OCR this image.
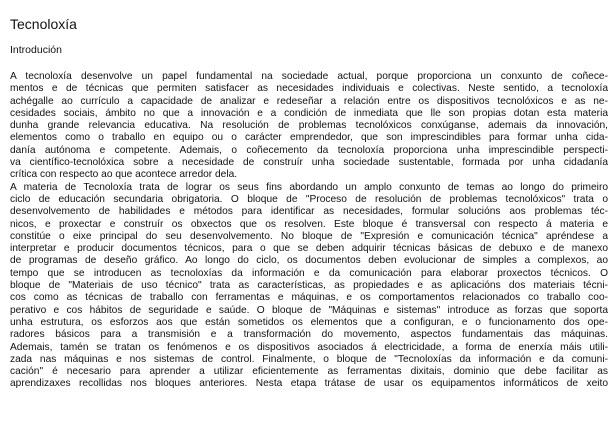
Tecnoloxía
Introdución
A tecnoloxía desenvolve un papel fundamental na sociedade actual, porque proporciona un conxunto de coñece-
mentos e de técnicas que permiten satisfacer as necesidades individuais e colectivas. Neste sentido, a tecnoloxía
achégalle ao currículo a capacidade de analizar e redeseñar a relación entre os dispositivos tecnolóxicos e as ne-
cesidades sociais, ámbito no que a innovación e a condición de inmediata que lle son propias dotan esta materia
dunha grande relevancia educativa. Na resolución de problemas tecnolóxicos conxúganse, ademais da innovación,
elementos como o traballo en equipo ou o carácter emprendedor, que son imprescindibles para formar unha cida-
danía autónoma e competente. Ademais, o coñecemento da tecnoloxía proporciona unha imprescindible perspecti-
va científico-tecnolóxica sobre a necesidade de construír unha sociedade sustentable, formada por unha cidadanía
crítica con respecto ao que acontece arredor dela.
A materia de Tecnoloxía trata de lograr os seus fins abordando un amplo conxunto de temas ao longo do primeiro
ciclo de educación secundaria obrigatoria. O bloque de "Proceso de resolución de problemas tecnolóxicos" trata o
desenvolvemento de habilidades e métodos para identificar as necesidades, formular solucións aos problemas téc-
nicos, e proxectar e construír os obxectos que os resolven. Este bloque é transversal con respecto á materia e
constitúe o eixe principal do seu desenvolvemento. No bloque de "Expresión e comunicación técnica" apréndese a
interpretar e producir documentos técnicos, para o que se deben adquirir técnicas básicas de debuxo e de manexo
de programas de deseño gráfico. Ao longo do ciclo, os documentos deben evolucionar de simples a complexos, ao
tempo que se introducen as tecnoloxías da información e da comunicación para elaborar proxectos técnicos. O
bloque de "Materiais de uso técnico" trata as características, as propiedades e as aplicacións dos materiais técni-
cos como as técnicas de traballo con ferramentas e máquinas, e os comportamentos relacionados co traballo coo-
perativo e cos hábitos de seguridade e saúde. O bloque de "Máquinas e sistemas" introduce as forzas que soporta
unha estrutura, os esforzos aos que están sometidos os elementos que a configuran, e o funcionamento dos ope-
radores básicos para a transmisión e a transformación do movemento, aspectos fundamentais das máquinas.
Ademais, tamén se tratan os fenómenos e os dispositivos asociados á electricidade, a forma de enerxía máis utili-
zada nas máquinas e nos sistemas de control. Finalmente, o bloque de "Tecnoloxías da información e da comuni-
cación" é necesario para aprender a utilizar eficientemente as ferramentas dixitais, dominio que debe facilitar as
aprendizaxes recollidas nos bloques anteriores. Nesta etapa trátase de usar os equipamentos informáticos de xeito
